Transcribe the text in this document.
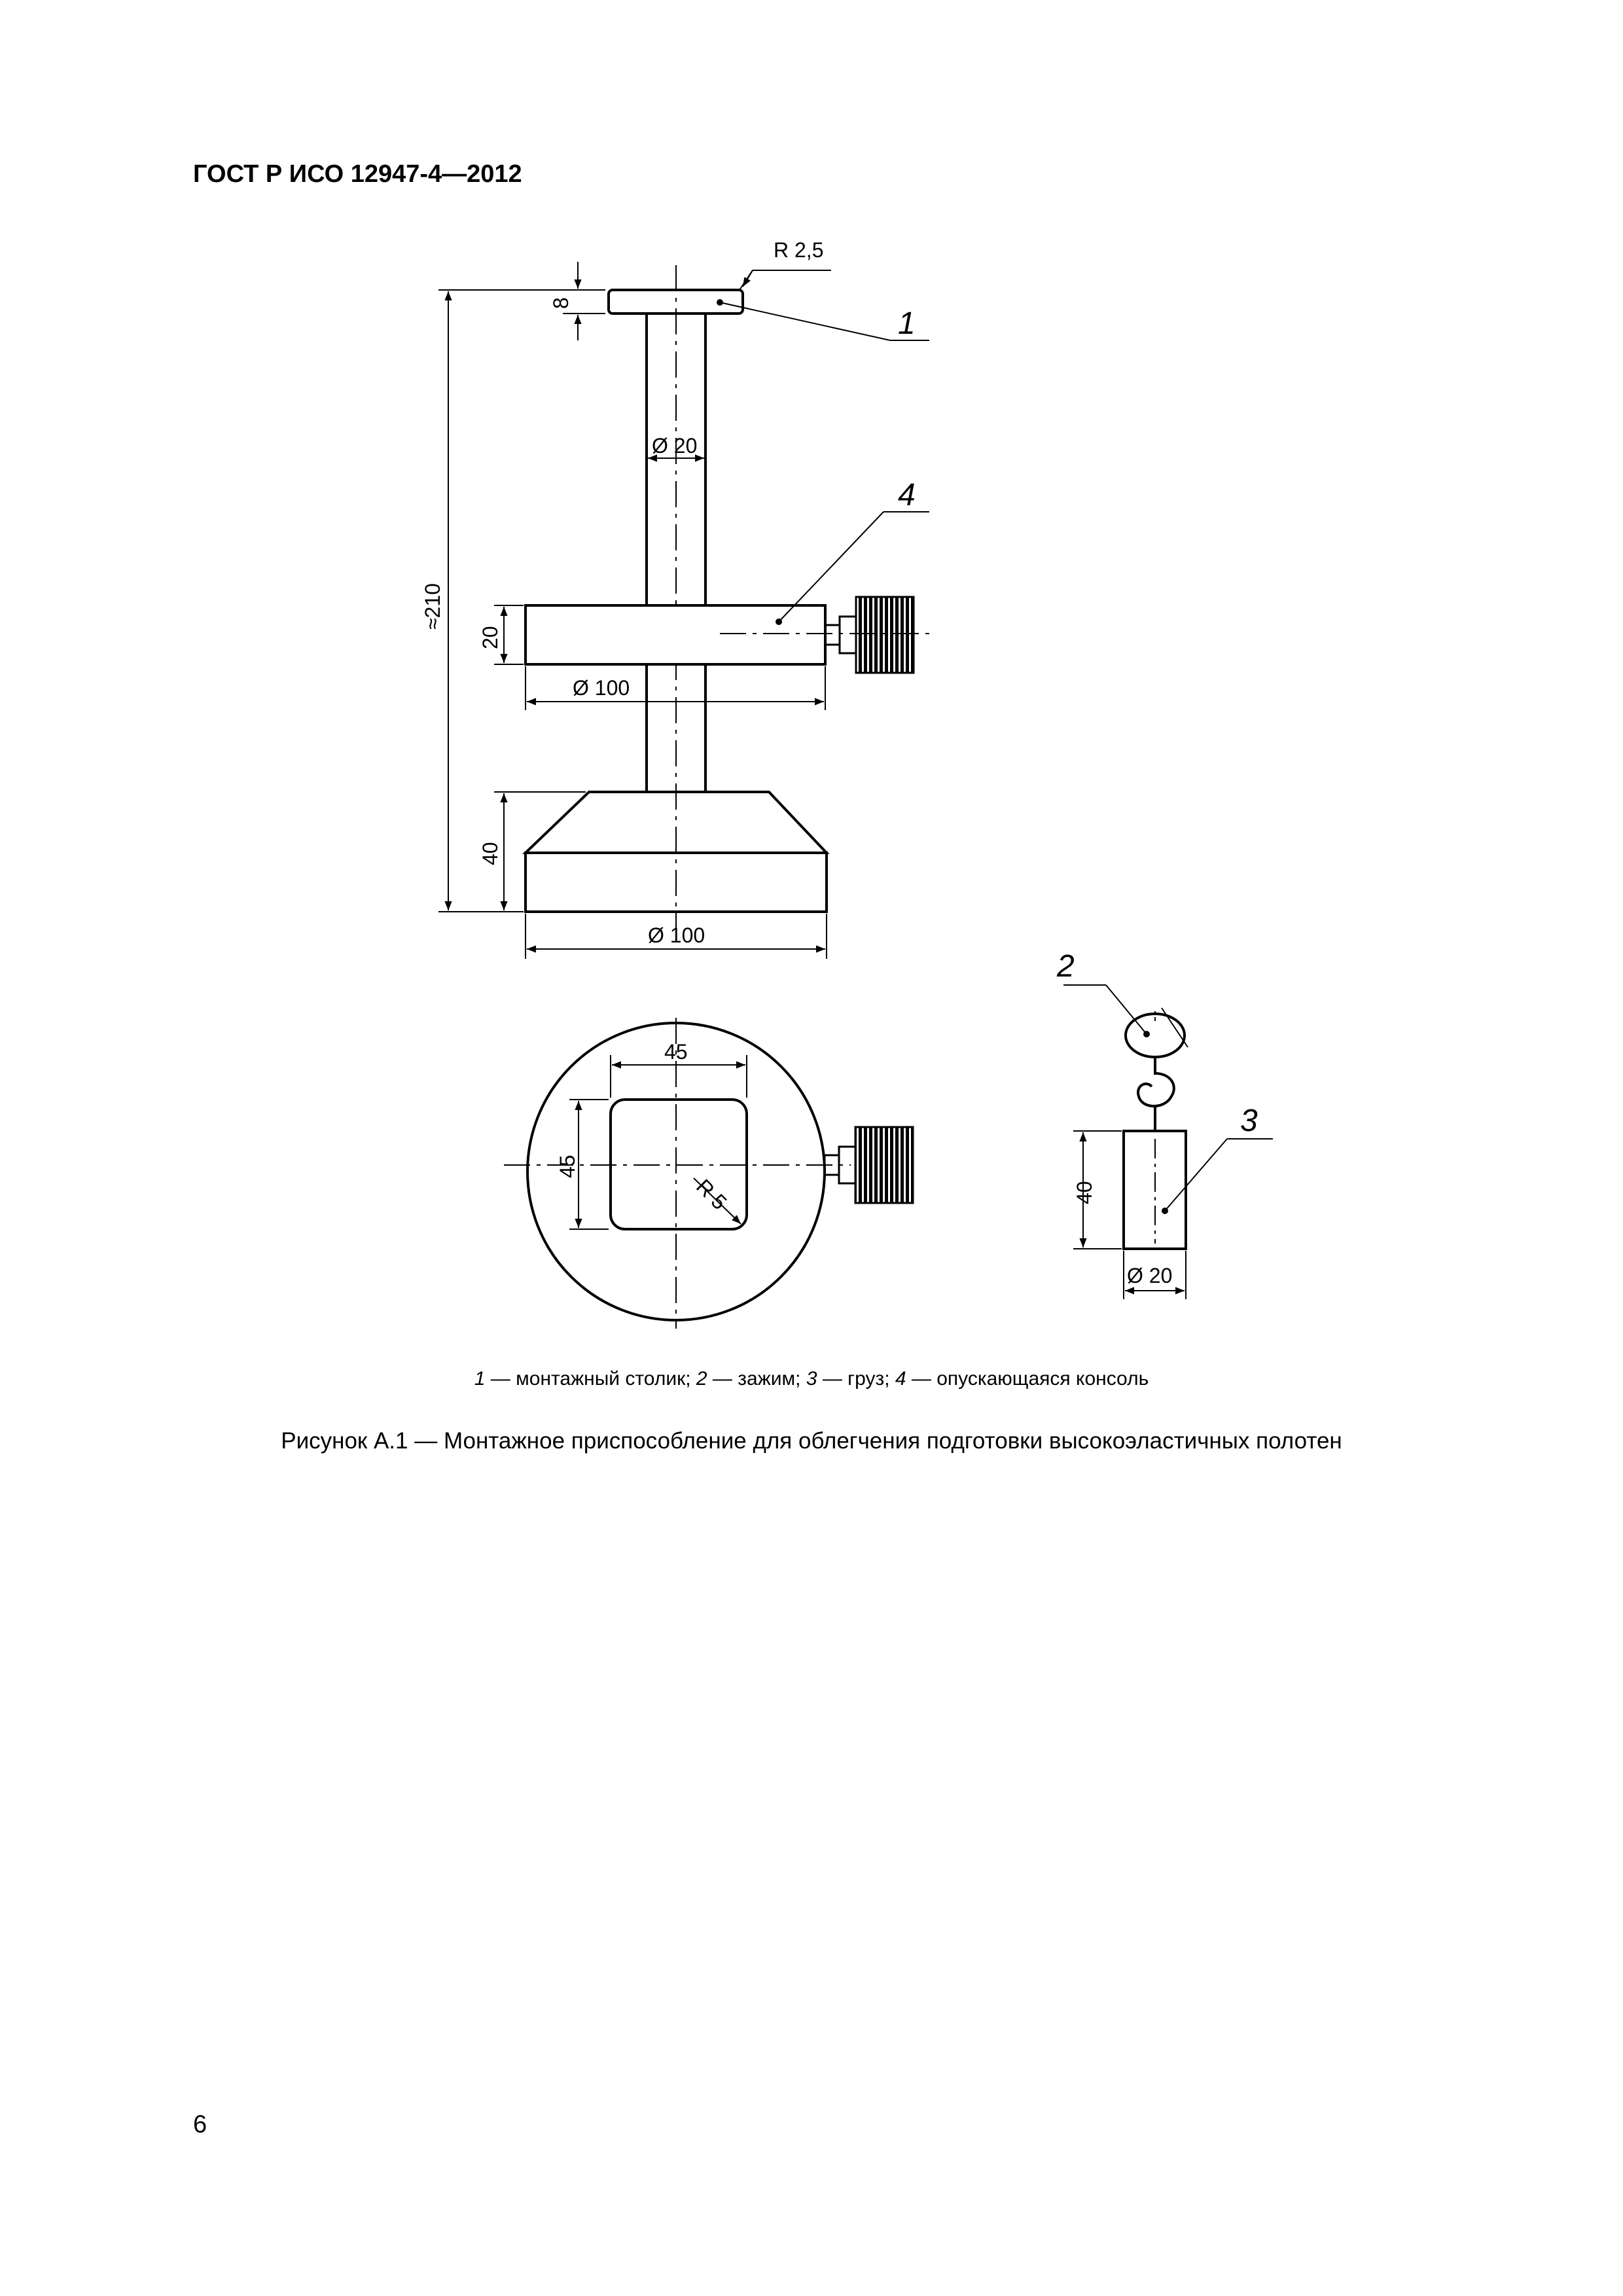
ГОСТ Р ИСО 12947-4—2012
R 2,5
8
≈210
Ø 20
20
Ø 100
40
Ø 100
1
4
45
45
R 5
2
3
40
Ø 20
1 — монтажный столик; 2 — зажим; 3 — груз; 4 — опускающаяся консоль
Рисунок А.1 — Монтажное приспособление для облегчения подготовки высокоэластичных полотен
6
